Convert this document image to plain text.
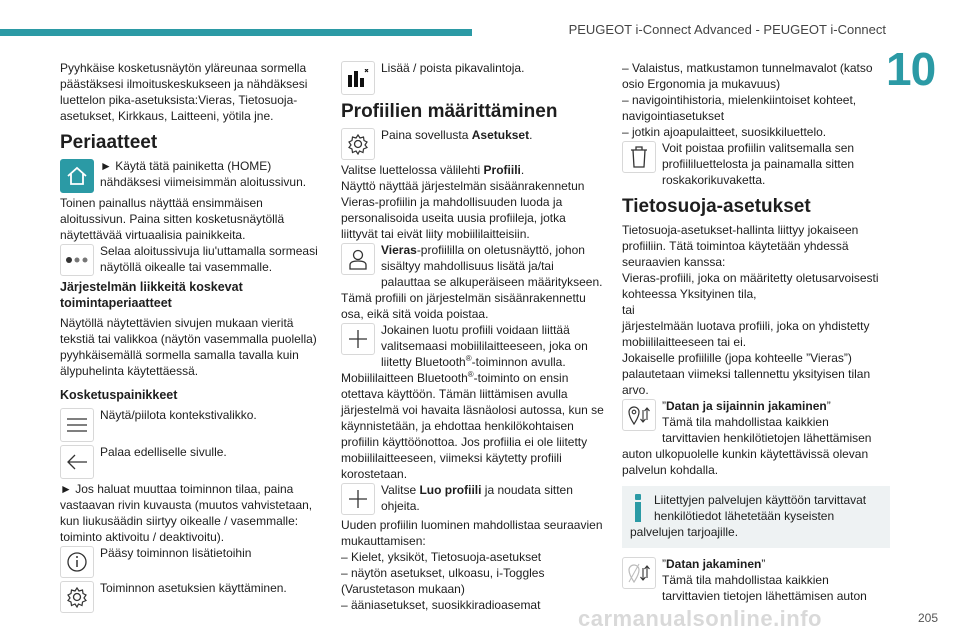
PEUGEOT i-Connect Advanced - PEUGEOT i-Connect
10

Pyyhkäise kosketusnäytön yläreunaa sormella päästäksesi ilmoituskeskukseen ja nähdäksesi luettelon pika-asetuksista:Vieras, Tietosuoja-asetukset, Kirkkaus, Laitteeni, yötila jne.

Periaatteet

► Käytä tätä painiketta (HOME) nähdäksesi viimeisimmän aloitussivun.

Toinen painallus näyttää ensimmäisen aloitussivun. Paina sitten kosketusnäytöllä näytettävää virtuaalisia painikkeita.

Selaa aloitussivuja liu'uttamalla sormeasi näytöllä oikealle tai vasemmalle.

Järjestelmän liikkeitä koskevat toimintaperiaatteet

Näytöllä näytettävien sivujen mukaan vieritä tekstiä tai valikkoa (näytön vasemmalla puolella) pyyhkäisemällä sormella samalla tavalla kuin älypuhelinta käytettäessä.

Kosketuspainikkeet

Näytä/piilota kontekstivalikko.

Palaa edelliselle sivulle.

► Jos haluat muuttaa toiminnon tilaa, paina vastaavan rivin kuvausta (muutos vahvistetaan, kun liukusäädin siirtyy oikealle / vasemmalle: toiminto aktivoitu / deaktivoitu).

Pääsy toiminnon lisätietoihin

Toiminnon asetuksien käyttäminen.

Lisää / poista pikavalintoja.

Profiilien määrittäminen

Paina sovellusta Asetukset.

Valitse luettelossa välilehti Profiili.

Näyttö näyttää järjestelmän sisäänrakennetun Vieras-profiilin ja mahdollisuuden luoda ja personalisoida useita uusia profiileja, jotka liittyvät tai eivät liity mobiililaitteisiin.

Vieras-profiililla on oletusnäyttö, johon sisältyy mahdollisuus lisätä ja/tai palauttaa se alkuperäiseen määritykseen. Tämä profiili on järjestelmän sisäänrakennettu osa, eikä sitä voida poistaa.

Jokainen luotu profiili voidaan liittää valitsemaasi mobiililaitteeseen, joka on liitetty Bluetooth®-toiminnon avulla. Mobiililaitteen Bluetooth®-toiminto on ensin otettava käyttöön. Tämän liittämisen avulla järjestelmä voi havaita läsnäolosi autossa, kun se käynnistetään, ja ehdottaa henkilökohtaisen profiilin käyttöönottoa. Jos profiilia ei ole liitetty mobiililaitteeseen, viimeksi käytetty profiili korostetaan.

Valitse Luo profiili ja noudata sitten ohjeita.

Uuden profiilin luominen mahdollistaa seuraavien mukauttamisen:

– Kielet, yksiköt, Tietosuoja-asetukset

– näytön asetukset, ulkoasu, i-Toggles (Varustetason mukaan)

– ääniasetukset, suosikkiradioasemat

– Valaistus, matkustamon tunnelmavalot (katso osio Ergonomia ja mukavuus)

– navigointihistoria, mielenkiintoiset kohteet, navigointiasetukset

– jotkin ajoapulaitteet, suosikkiluettelo.

Voit poistaa profiilin valitsemalla sen profiililuettelosta ja painamalla sitten roskakorikuvaketta.

Tietosuoja-asetukset

Tietosuoja-asetukset-hallinta liittyy jokaiseen profiiliin. Tätä toimintoa käytetään yhdessä seuraavien kanssa:

Vieras-profiili, joka on määritetty oletusarvoisesti kohteessa Yksityinen tila,

tai

järjestelmään luotava profiili, joka on yhdistetty mobiililaitteeseen tai ei.

Jokaiselle profiilille (jopa kohteelle ”Vieras”) palautetaan viimeksi tallennettu yksityisen tilan arvo.

”Datan ja sijainnin jakaminen”

Tämä tila mahdollistaa kaikkien tarvittavien henkilötietojen lähettämisen auton ulkopuolelle kunkin käytettävissä olevan palvelun kohdalla.

Liitettyjen palvelujen käyttöön tarvittavat henkilötiedot lähetetään kyseisten palvelujen tarjoajille.

”Datan jakaminen”

Tämä tila mahdollistaa kaikkien tarvittavien tietojen lähettämisen auton

carmanualsonline.info	205
